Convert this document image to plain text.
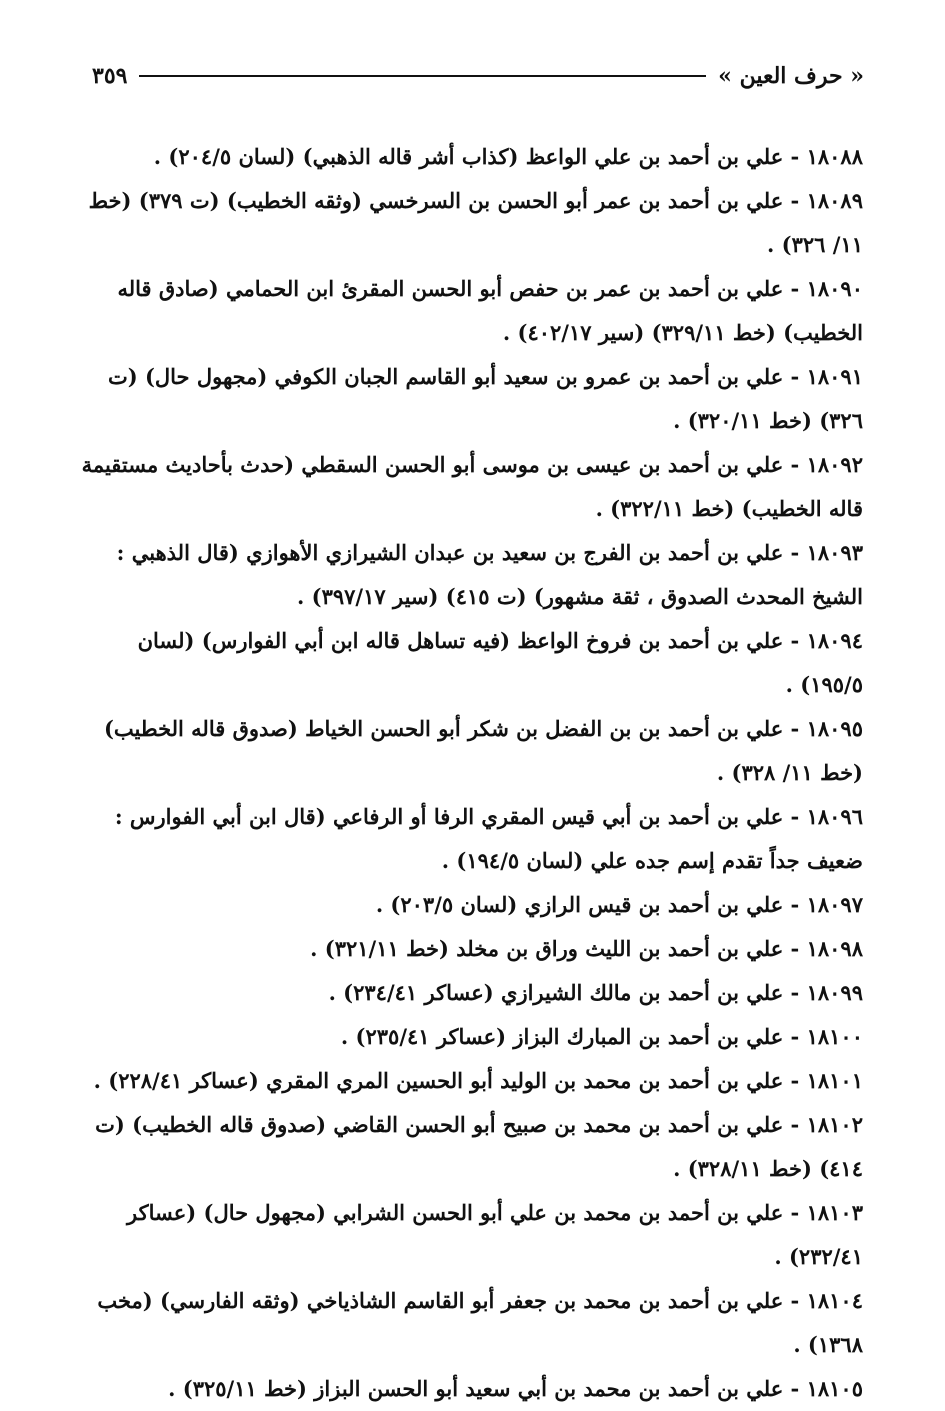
« حرف العين »
٣٥٩
١٨٠٨٨ - علي بن أحمد بن علي الواعظ (كذاب أشر قاله الذهبي) (لسان ٢٠٤/٥) .
١٨٠٨٩ - علي بن أحمد بن عمر أبو الحسن بن السرخسي (وثقه الخطيب) (ت ٣٧٩) (خط ١١/ ٣٢٦) .
١٨٠٩٠ - علي بن أحمد بن عمر بن حفص أبو الحسن المقرئ ابن الحمامي (صادق قاله الخطيب) (خط ٣٢٩/١١) (سير ٤٠٢/١٧) .
١٨٠٩١ - علي بن أحمد بن عمرو بن سعيد أبو القاسم الجبان الكوفي (مجهول حال) (ت ٣٢٦) (خط ٣٢٠/١١) .
١٨٠٩٢ - علي بن أحمد بن عيسى بن موسى أبو الحسن السقطي (حدث بأحاديث مستقيمة قاله الخطيب) (خط ٣٢٢/١١) .
١٨٠٩٣ - علي بن أحمد بن الفرج بن سعيد بن عبدان الشيرازي الأهوازي (قال الذهبي : الشيخ المحدث الصدوق ، ثقة مشهور) (ت ٤١٥) (سير ٣٩٧/١٧) .
١٨٠٩٤ - علي بن أحمد بن فروخ الواعظ (فيه تساهل قاله ابن أبي الفوارس) (لسان ١٩٥/٥) .
١٨٠٩٥ - علي بن أحمد بن بن الفضل بن شكر أبو الحسن الخياط (صدوق قاله الخطيب) (خط ١١/ ٣٢٨) .
١٨٠٩٦ - علي بن أحمد بن أبي قيس المقري الرفا أو الرفاعي (قال ابن أبي الفوارس : ضعيف جداً تقدم إسم جده علي (لسان ١٩٤/٥) .
١٨٠٩٧ - علي بن أحمد بن قيس الرازي (لسان ٢٠٣/٥) .
١٨٠٩٨ - علي بن أحمد بن الليث وراق بن مخلد (خط ٣٢١/١١) .
١٨٠٩٩ - علي بن أحمد بن مالك الشيرازي (عساكر ٢٣٤/٤١) .
١٨١٠٠ - علي بن أحمد بن المبارك البزاز (عساكر ٢٣٥/٤١) .
١٨١٠١ - علي بن أحمد بن محمد بن الوليد أبو الحسين المري المقري (عساكر ٢٢٨/٤١) .
١٨١٠٢ - علي بن أحمد بن محمد بن صبيح أبو الحسن القاضي (صدوق قاله الخطيب) (ت ٤١٤) (خط ٣٢٨/١١) .
١٨١٠٣ - علي بن أحمد بن محمد بن علي أبو الحسن الشرابي (مجهول حال) (عساكر ٢٣٢/٤١) .
١٨١٠٤ - علي بن أحمد بن محمد بن جعفر أبو القاسم الشاذياخي (وثقه الفارسي) (مخب ١٣٦٨) .
١٨١٠٥ - علي بن أحمد بن محمد بن أبي سعيد أبو الحسن البزاز (خط ٣٢٥/١١) .
